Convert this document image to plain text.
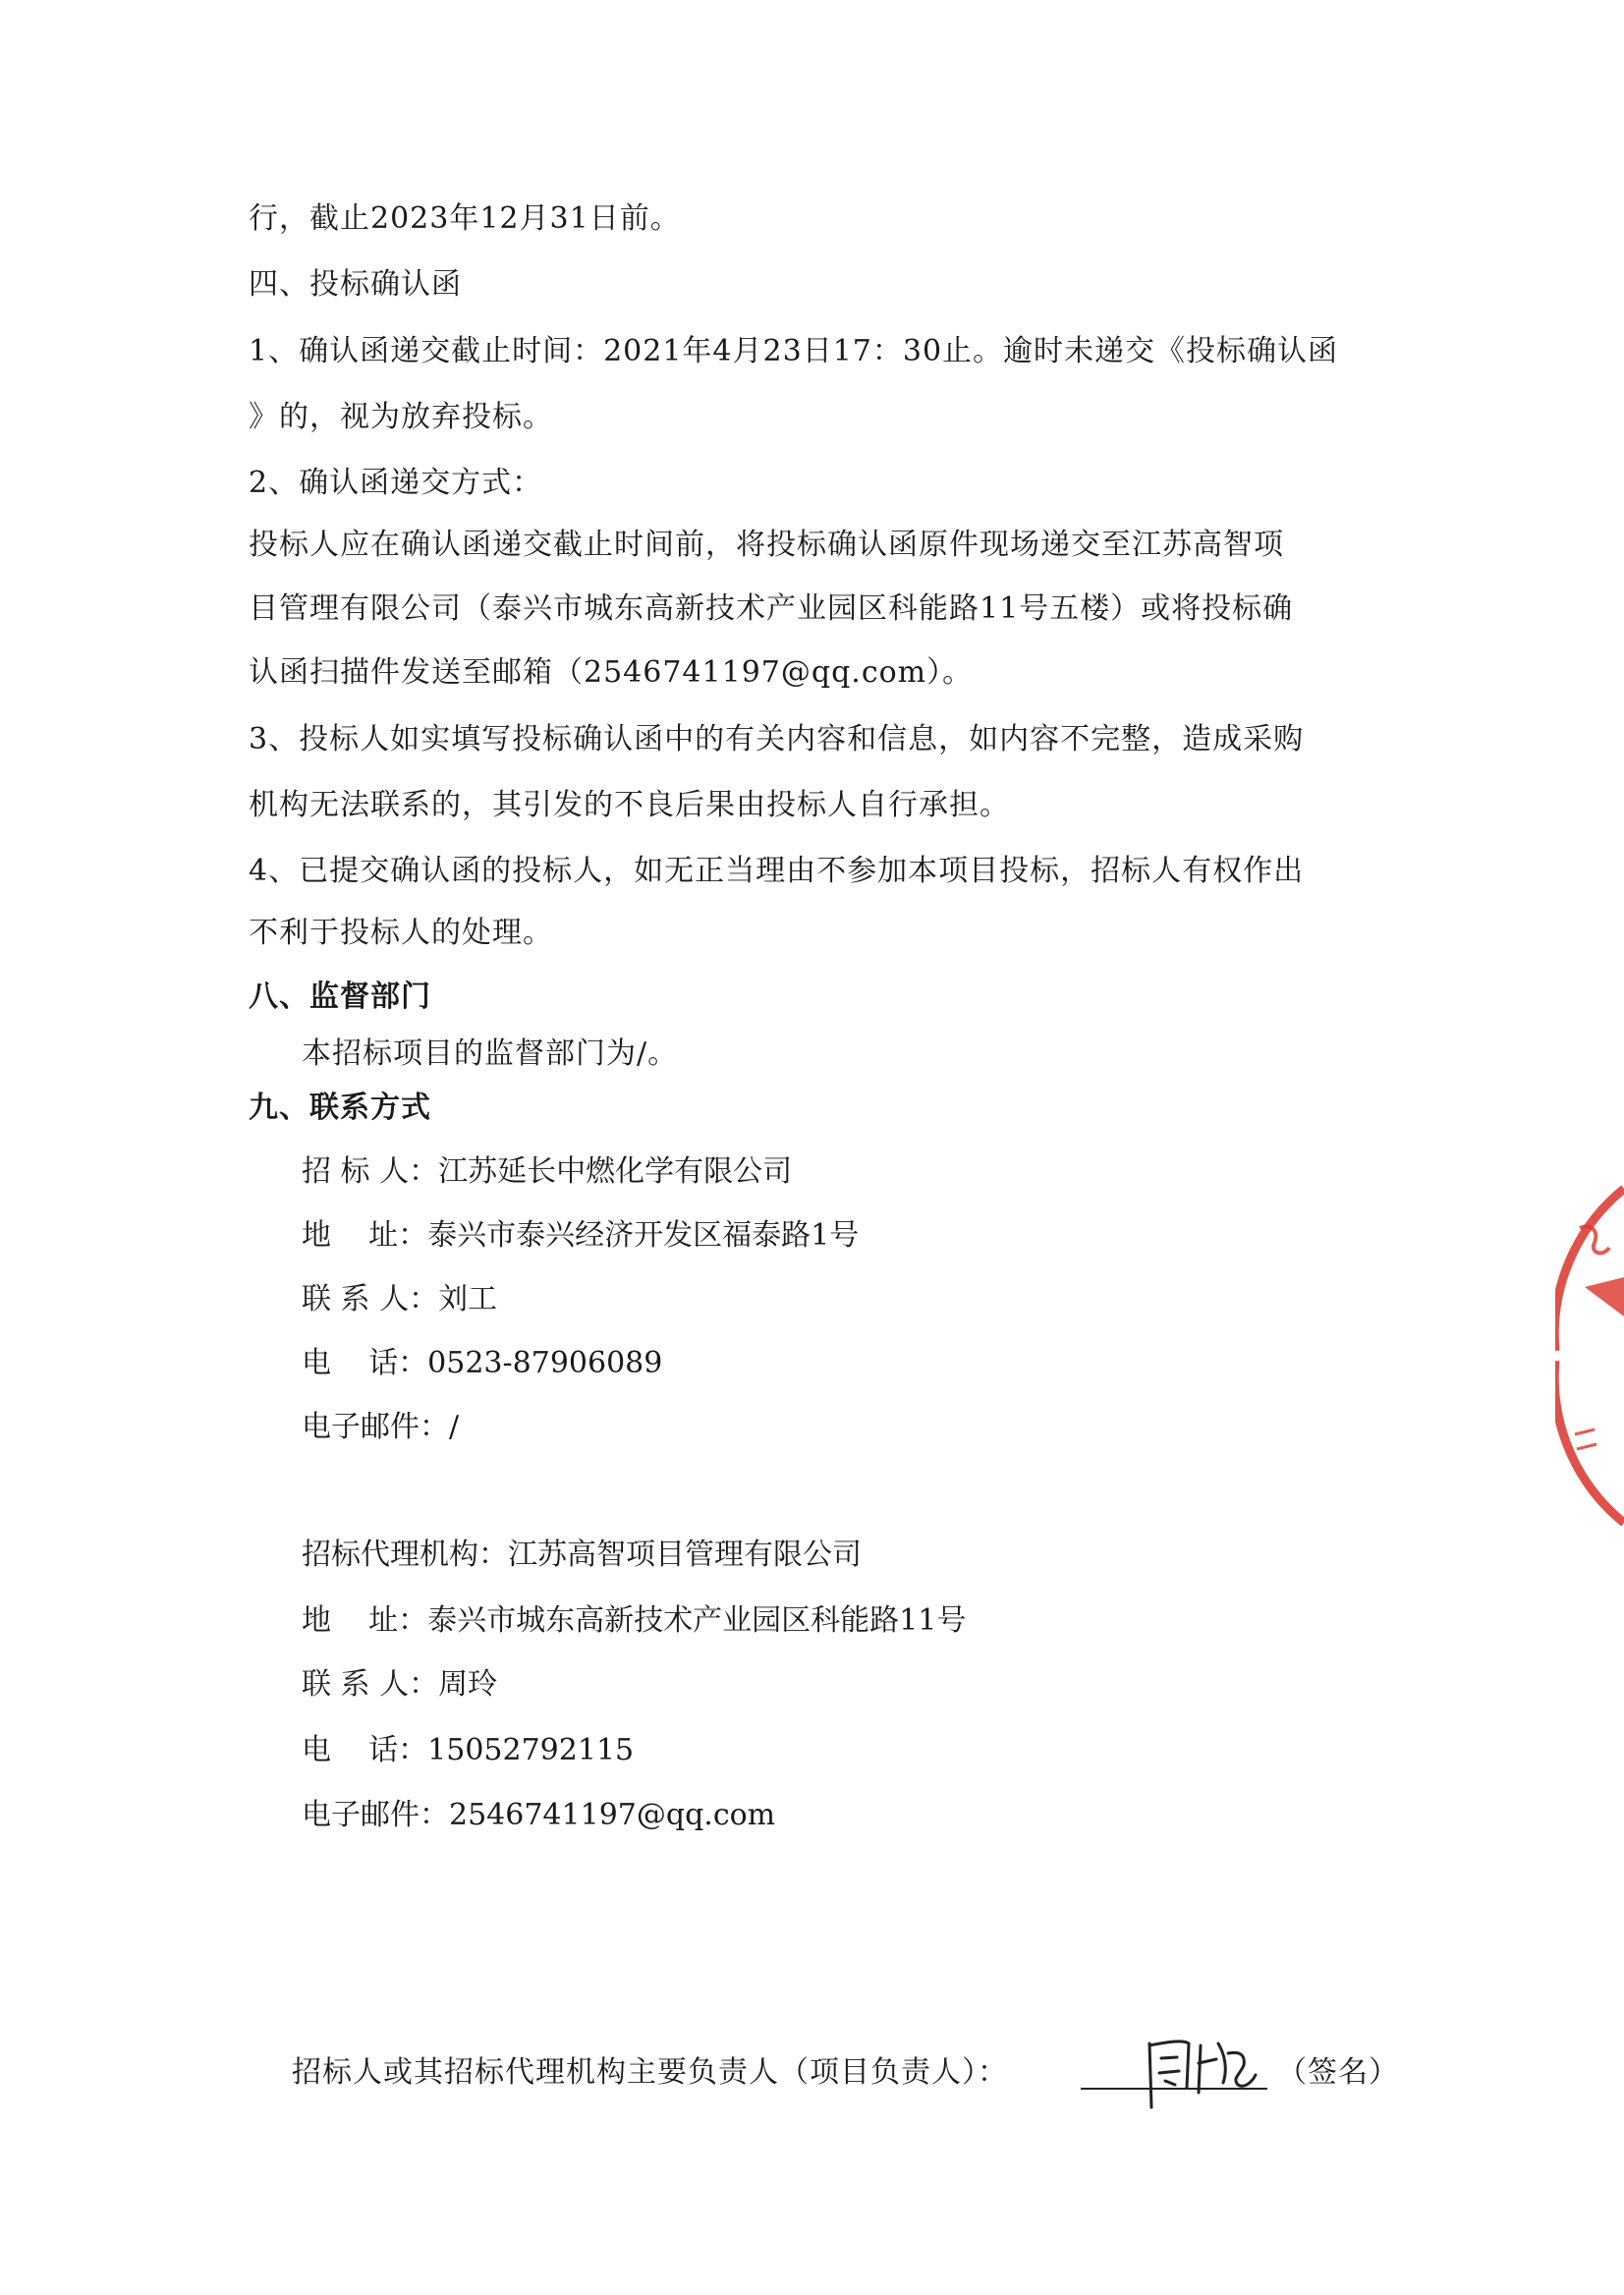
行，截止2023年12月31日前。
四、投标确认函
1、确认函递交截止时间：2021年4月23日17：30止。逾时未递交《投标确认函
》的，视为放弃投标。
2、确认函递交方式：
投标人应在确认函递交截止时间前，将投标确认函原件现场递交至江苏高智项
目管理有限公司（泰兴市城东高新技术产业园区科能路11号五楼）或将投标确
认函扫描件发送至邮箱（2546741197@qq.com）。
3、投标人如实填写投标确认函中的有关内容和信息，如内容不完整，造成采购
机构无法联系的，其引发的不良后果由投标人自行承担。
4、已提交确认函的投标人，如无正当理由不参加本项目投标，招标人有权作出
不利于投标人的处理。
八、监督部门
本招标项目的监督部门为/。
九、联系方式
招 标 人：江苏延长中燃化学有限公司
地    址：泰兴市泰兴经济开发区福泰路1号
联 系 人：刘工
电    话：0523-87906089
电子邮件：/
招标代理机构：江苏高智项目管理有限公司
地    址：泰兴市城东高新技术产业园区科能路11号
联 系 人：周玲
电    话：15052792115
电子邮件：2546741197@qq.com
招标人或其招标代理机构主要负责人（项目负责人）：	（签名）
